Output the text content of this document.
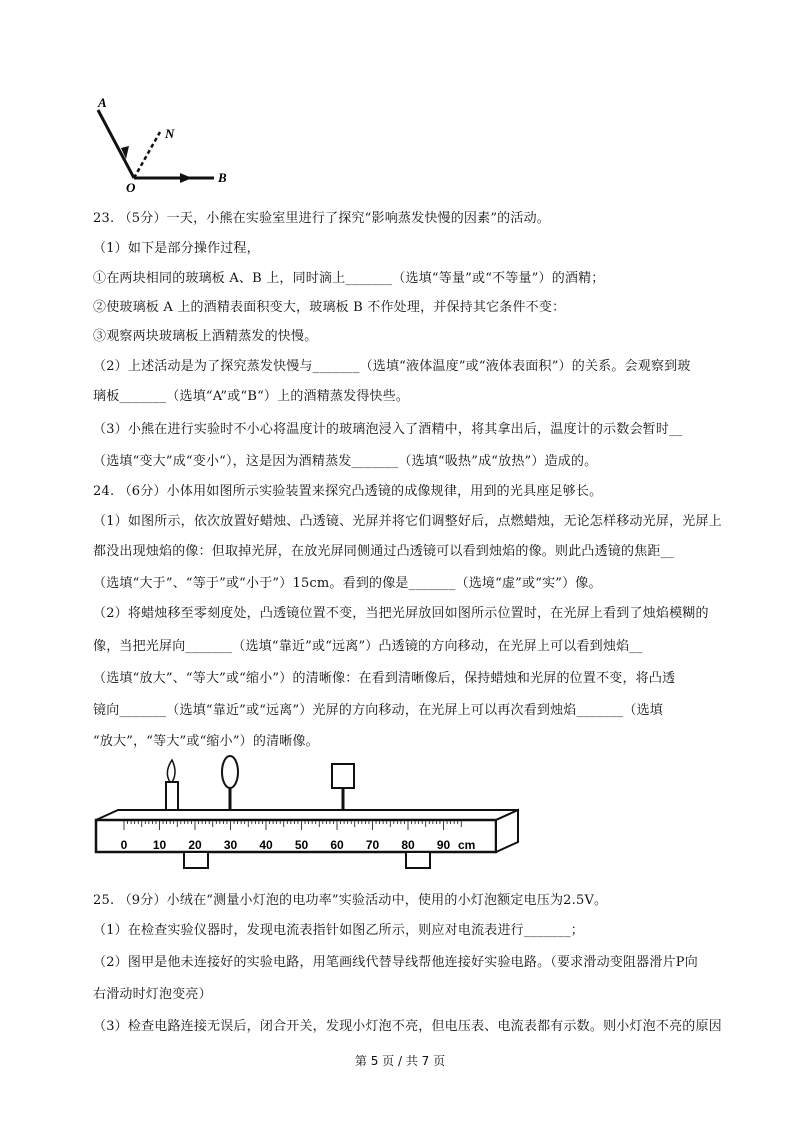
A
N
O
B
23. （5分）一天，小熊在实验室里进行了探究“影响蒸发快慢的因素”的活动。
（1）如下是部分操作过程，
①在两块相同的玻璃板 A、B 上，同时滴上_______（选填“等量”或“不等量”）的酒精；
②使玻璃板 A 上的酒精表面积变大，玻璃板 B 不作处理，并保持其它条件不变：
③观察两块玻璃板上酒精蒸发的快慢。
（2）上述活动是为了探究蒸发快慢与_______（选填“液体温度”或“液体表面积”）的关系。会观察到玻
璃板_______（选填“A”或“B“）上的酒精蒸发得快些。
（3）小熊在进行实验时不小心将温度计的玻璃泡浸入了酒精中，将其拿出后，温度计的示数会暂时__
（选填“变大”成“变小“），这是因为酒精蒸发_______（选填“吸热”成“放热”）造成的。
24. （6分）小体用如图所示实验装置来探究凸透镜的成像规律，用到的光具座足够长。
（1）如图所示，依次放置好蜡烛、凸透镜、光屏并将它们调整好后，点燃蜡烛，无论怎样移动光屏，光屏上
都没出现烛焰的像：但取掉光屏，在放光屏同侧通过凸透镜可以看到烛焰的像。则此凸透镜的焦距__
（选填“大于”、“等于”或“小于”）15cm。看到的像是_______（选境“虚”或“实”）像。
（2）将蜡烛移至零刻度处，凸透镜位置不变，当把光屏放回如图所示位置时，在光屏上看到了烛焰模糊的
像，当把光屏向_______（选填“靠近”或“远离”）凸透镜的方向移动，在光屏上可以看到烛焰__
（选填“放大”、“等大”或“缩小”）的清晰像：在看到清晰像后，保持蜡烛和光屏的位置不变，将凸透
镜向_______（选填“靠近”或“远离”）光屏的方向移动，在光屏上可以再次看到烛焰_______（选填
“放大”，“等大”或“缩小”）的清晰像。
0 10 20 30 40 50 60 70 80 90 cm
25. （9分）小绒在“测量小灯泡的电功率”实验活动中，使用的小灯泡额定电压为2.5V。
（1）在检查实验仪器时，发现电流表指针如图乙所示，则应对电流表进行_______；
（2）图甲是他未连接好的实验电路，用笔画线代替导线帮他连接好实验电路。（要求滑动变阻器滑片P向
右滑动时灯泡变亮）
（3）检查电路连接无误后，闭合开关，发现小灯泡不亮，但电压表、电流表都有示数。则小灯泡不亮的原因
第 5 页 / 共 7 页
